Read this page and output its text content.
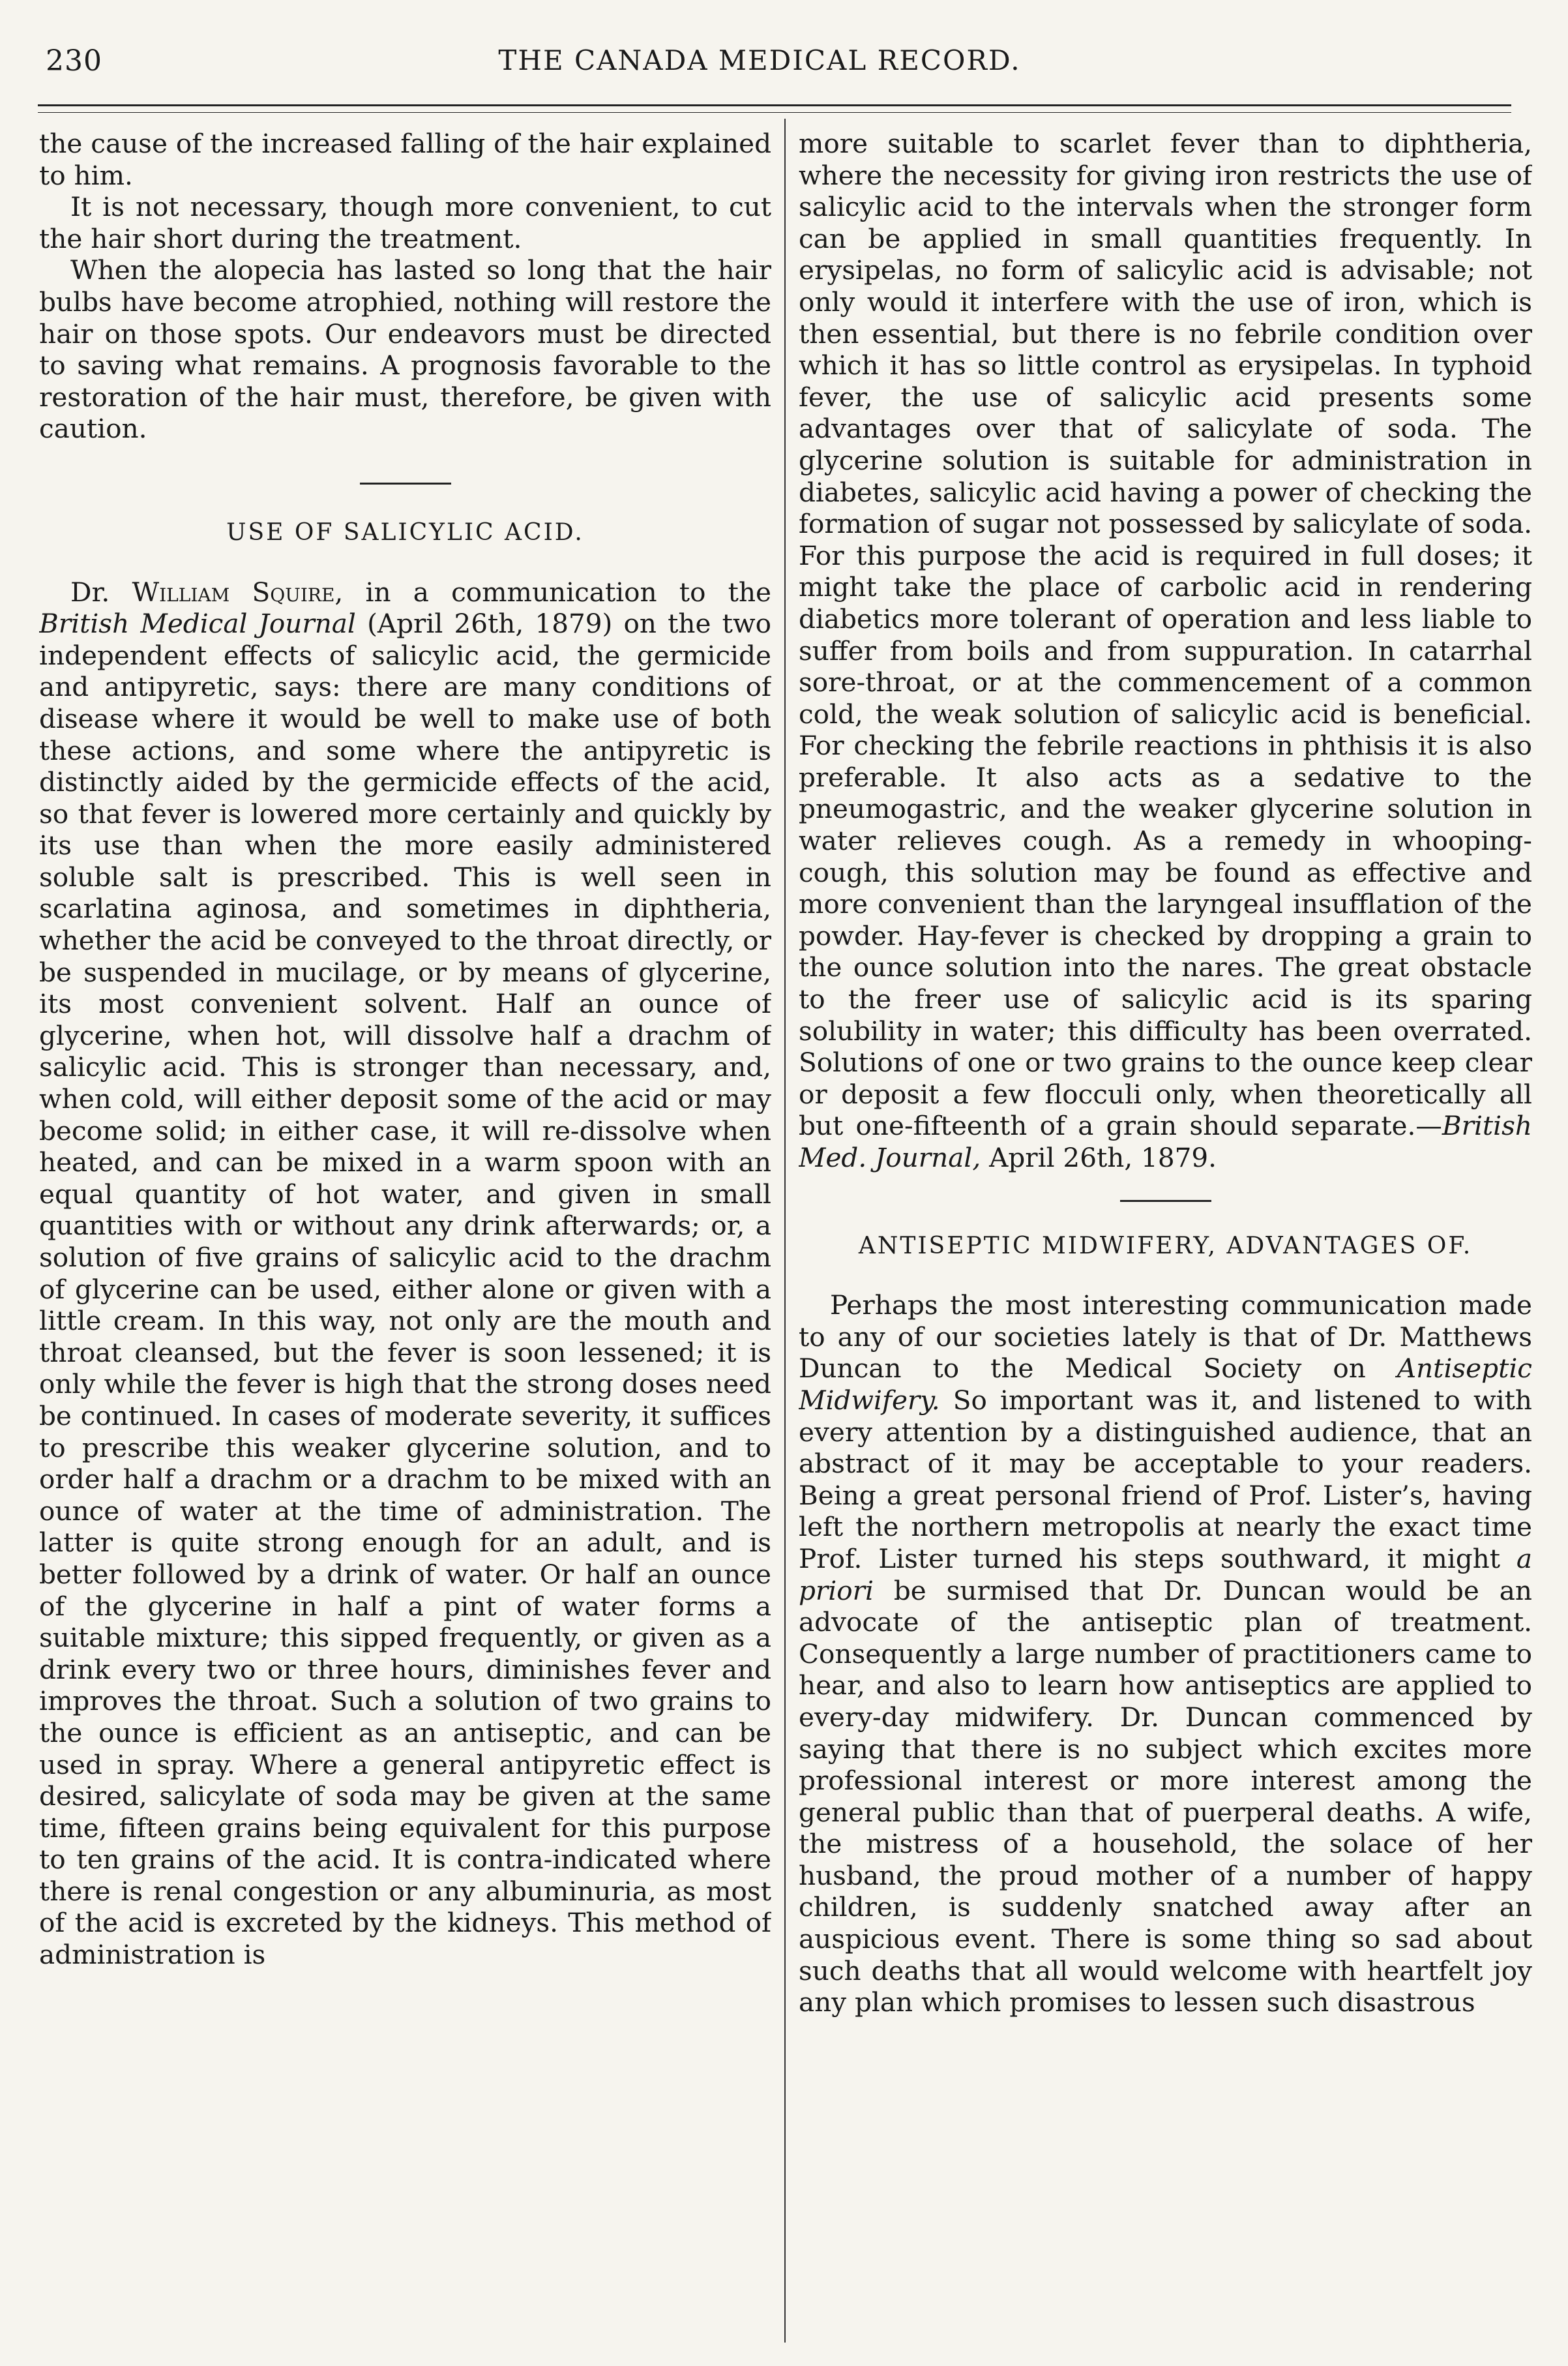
230	THE CANADA MEDICAL RECORD.

the cause of the increased falling of the hair explained to him.

It is not necessary, though more convenient, to cut the hair short during the treatment.

When the alopecia has lasted so long that the hair bulbs have become atrophied, nothing will restore the hair on those spots. Our endeavors must be directed to saving what remains. A prognosis favorable to the restoration of the hair must, therefore, be given with caution.

USE OF SALICYLIC ACID.

Dr. William Squire, in a communication to the British Medical Journal (April 26th, 1879) on the two independent effects of salicylic acid, the germicide and antipyretic, says: there are many conditions of disease where it would be well to make use of both these actions, and some where the antipyretic is distinctly aided by the germicide effects of the acid, so that fever is lowered more certainly and quickly by its use than when the more easily administered soluble salt is prescribed. This is well seen in scarlatina aginosa, and sometimes in diphtheria, whether the acid be conveyed to the throat directly, or be suspended in mucilage, or by means of glycerine, its most convenient solvent. Half an ounce of glycerine, when hot, will dissolve half a drachm of salicylic acid. This is stronger than necessary, and, when cold, will either deposit some of the acid or may become solid; in either case, it will re-dissolve when heated, and can be mixed in a warm spoon with an equal quantity of hot water, and given in small quantities with or without any drink afterwards; or, a solution of five grains of salicylic acid to the drachm of glycerine can be used, either alone or given with a little cream. In this way, not only are the mouth and throat cleansed, but the fever is soon lessened; it is only while the fever is high that the strong doses need be continued. In cases of moderate severity, it suffices to prescribe this weaker glycerine solution, and to order half a drachm or a drachm to be mixed with an ounce of water at the time of administration. The latter is quite strong enough for an adult, and is better followed by a drink of water. Or half an ounce of the glycerine in half a pint of water forms a suitable mixture; this sipped frequently, or given as a drink every two or three hours, diminishes fever and improves the throat. Such a solution of two grains to the ounce is efficient as an antiseptic, and can be used in spray. Where a general antipyretic effect is desired, salicylate of soda may be given at the same time, fifteen grains being equivalent for this purpose to ten grains of the acid. It is contra-indicated where there is renal congestion or any albuminuria, as most of the acid is excreted by the kidneys. This method of administration is

more suitable to scarlet fever than to diphtheria, where the necessity for giving iron restricts the use of salicylic acid to the intervals when the stronger form can be applied in small quantities frequently. In erysipelas, no form of salicylic acid is advisable; not only would it interfere with the use of iron, which is then essential, but there is no febrile condition over which it has so little control as erysipelas. In typhoid fever, the use of salicylic acid presents some advantages over that of salicylate of soda. The glycerine solution is suitable for administration in diabetes, salicylic acid having a power of checking the formation of sugar not possessed by salicylate of soda. For this purpose the acid is required in full doses; it might take the place of carbolic acid in rendering diabetics more tolerant of operation and less liable to suffer from boils and from suppuration. In catarrhal sore-throat, or at the commencement of a common cold, the weak solution of salicylic acid is beneficial. For checking the febrile reactions in phthisis it is also preferable. It also acts as a sedative to the pneumogastric, and the weaker glycerine solution in water relieves cough. As a remedy in whooping-cough, this solution may be found as effective and more convenient than the laryngeal insufflation of the powder. Hay-fever is checked by dropping a grain to the ounce solution into the nares. The great obstacle to the freer use of salicylic acid is its sparing solubility in water; this difficulty has been overrated. Solutions of one or two grains to the ounce keep clear or deposit a few flocculi only, when theoretically all but one-fifteenth of a grain should separate.—British Med. Journal, April 26th, 1879.

ANTISEPTIC MIDWIFERY, ADVANTAGES OF.

Perhaps the most interesting communication made to any of our societies lately is that of Dr. Matthews Duncan to the Medical Society on Antiseptic Midwifery. So important was it, and listened to with every attention by a distinguished audience, that an abstract of it may be acceptable to your readers. Being a great personal friend of Prof. Lister’s, having left the northern metropolis at nearly the exact time Prof. Lister turned his steps southward, it might a priori be surmised that Dr. Duncan would be an advocate of the antiseptic plan of treatment. Consequently a large number of practitioners came to hear, and also to learn how antiseptics are applied to every-day midwifery. Dr. Duncan commenced by saying that there is no subject which excites more professional interest or more interest among the general public than that of puerperal deaths. A wife, the mistress of a household, the solace of her husband, the proud mother of a number of happy children, is suddenly snatched away after an auspicious event. There is some thing so sad about such deaths that all would welcome with heartfelt joy any plan which promises to lessen such disastrous
